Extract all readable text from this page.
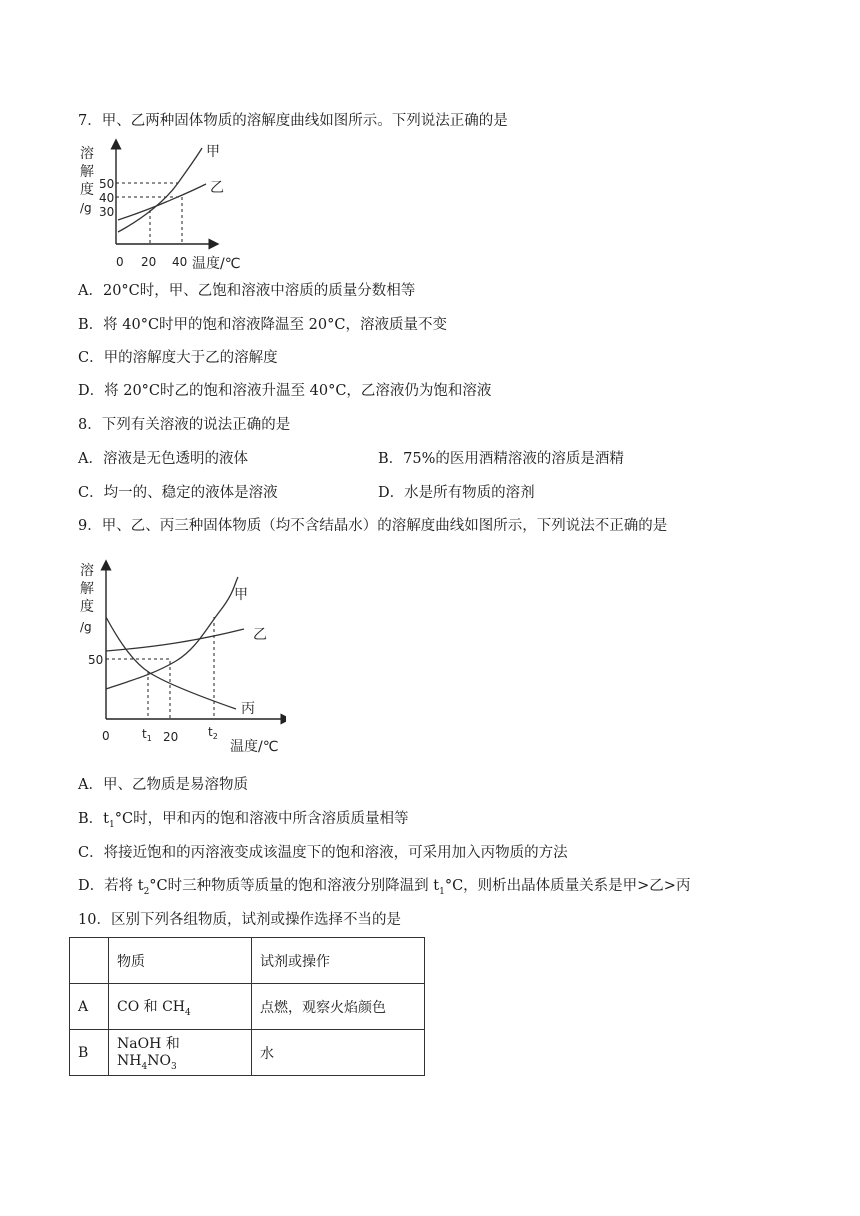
7．甲、乙两种固体物质的溶解度曲线如图所示。下列说法正确的是
溶
解
度
/g
50
40
30
0 20 40 温度/℃
甲
乙
A．20°C时，甲、乙饱和溶液中溶质的质量分数相等
B．将 40°C时甲的饱和溶液降温至 20°C，溶液质量不变
C．甲的溶解度大于乙的溶解度
D．将 20°C时乙的饱和溶液升温至 40°C，乙溶液仍为饱和溶液
8．下列有关溶液的说法正确的是
A．溶液是无色透明的液体	B．75%的医用酒精溶液的溶质是酒精
C．均一的、稳定的液体是溶液	D．水是所有物质的溶剂
9．甲、乙、丙三种固体物质（均不含结晶水）的溶解度曲线如图所示，下列说法不正确的是
溶
解
度
/g
50
0	$t_1$ 20 $t_2$
温度/℃
甲
乙
丙
A．甲、乙物质是易溶物质
B．$t_1^\circ C$时，甲和丙的饱和溶液中所含溶质质量相等
C．将接近饱和的丙溶液变成该温度下的饱和溶液，可采用加入丙物质的方法
D．若将 $t_2^\circ C$时三种物质等质量的饱和溶液分别降温到 $t_1^\circ C$，则析出晶体质量关系是甲>乙>丙
10．区别下列各组物质，试剂或操作选择不当的是
	物质	试剂或操作
A	CO 和 $CH_4$	点燃，观察火焰颜色
B	NaOH 和 $NH_4NO_3$	水
